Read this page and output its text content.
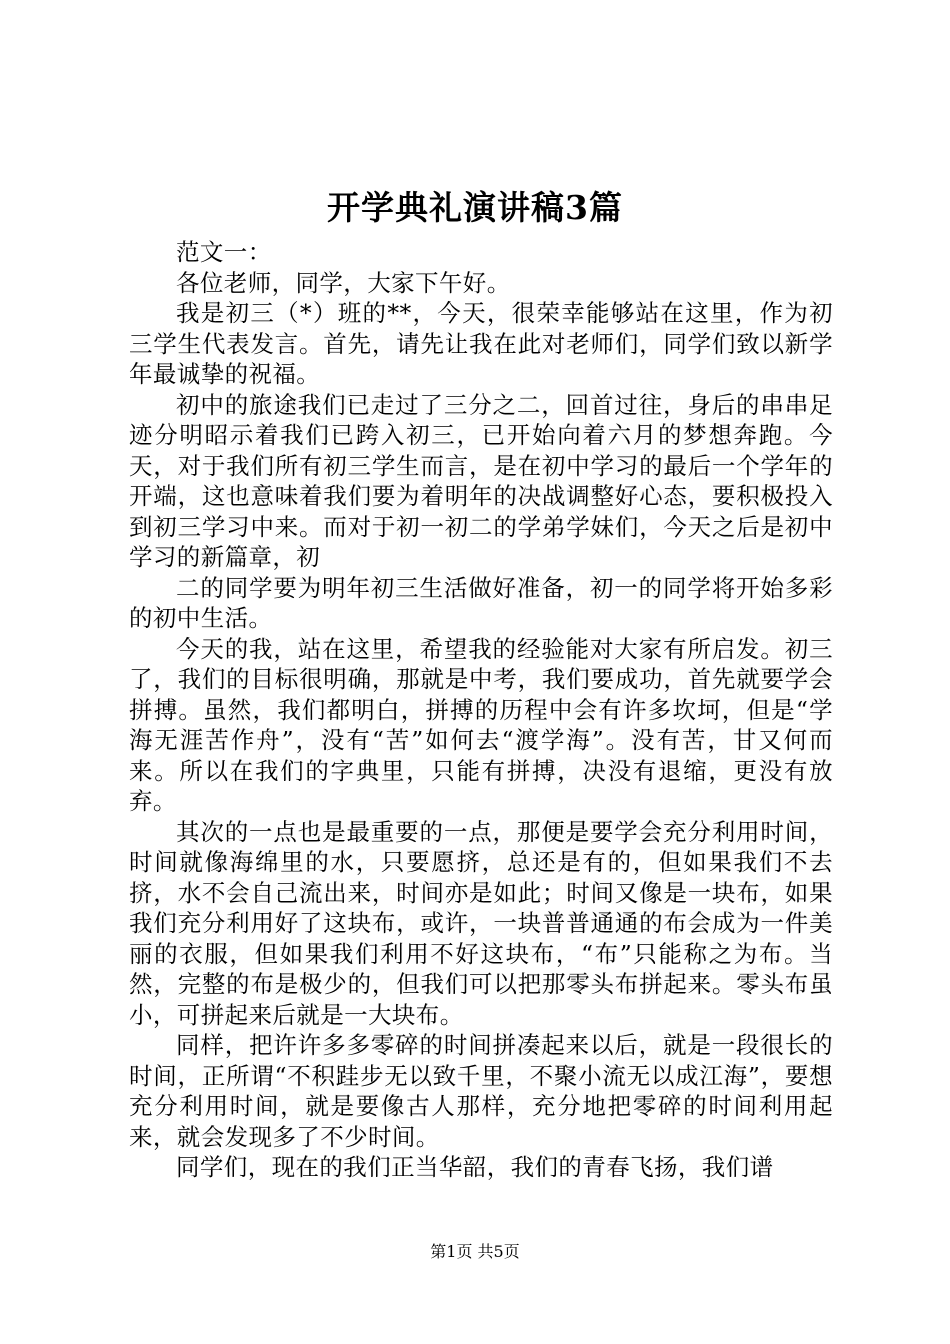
开学典礼演讲稿3篇

范文一：

各位老师，同学，大家下午好。

我是初三（*）班的**，今天，很荣幸能够站在这里，作为初三学生代表发言。首先，请先让我在此对老师们，同学们致以新学年最诚挚的祝福。

初中的旅途我们已走过了三分之二，回首过往，身后的串串足迹分明昭示着我们已跨入初三，已开始向着六月的梦想奔跑。今天，对于我们所有初三学生而言，是在初中学习的最后一个学年的开端，这也意味着我们要为着明年的决战调整好心态，要积极投入到初三学习中来。而对于初一初二的学弟学妹们，今天之后是初中学习的新篇章，初

二的同学要为明年初三生活做好准备，初一的同学将开始多彩的初中生活。

今天的我，站在这里，希望我的经验能对大家有所启发。初三了，我们的目标很明确，那就是中考，我们要成功，首先就要学会拼搏。虽然，我们都明白，拼搏的历程中会有许多坎坷，但是“学海无涯苦作舟”，没有“苦”如何去“渡学海”。没有苦，甘又何而来。所以在我们的字典里，只能有拼搏，决没有退缩，更没有放弃。

其次的一点也是最重要的一点，那便是要学会充分利用时间，时间就像海绵里的水，只要愿挤，总还是有的，但如果我们不去挤，水不会自己流出来，时间亦是如此；时间又像是一块布，如果我们充分利用好了这块布，或许，一块普普通通的布会成为一件美丽的衣服，但如果我们利用不好这块布，“布”只能称之为布。当然，完整的布是极少的，但我们可以把那零头布拼起来。零头布虽小，可拼起来后就是一大块布。

同样，把许许多多零碎的时间拼凑起来以后，就是一段很长的时间，正所谓“不积跬步无以致千里，不聚小流无以成江海”，要想充分利用时间，就是要像古人那样，充分地把零碎的时间利用起来，就会发现多了不少时间。

同学们，现在的我们正当华韶，我们的青春飞扬，我们谱

第1页 共5页
